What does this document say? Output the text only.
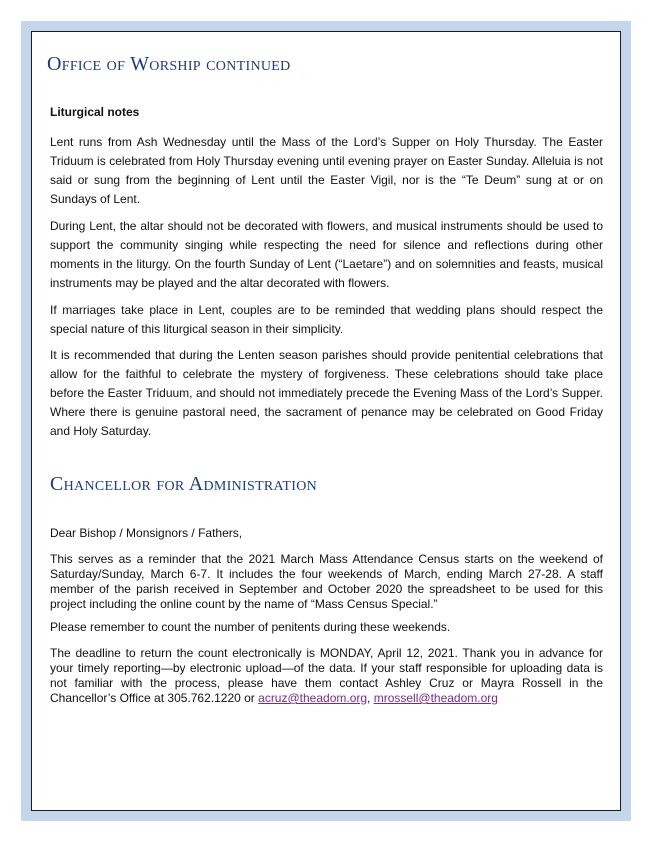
Office of Worship continued

Liturgical notes

Lent runs from Ash Wednesday until the Mass of the Lord’s Supper on Holy Thursday. The Easter Triduum is celebrated from Holy Thursday evening until evening prayer on Easter Sunday. Alleluia is not said or sung from the beginning of Lent until the Easter Vigil, nor is the “Te Deum” sung at or on Sundays of Lent.

During Lent, the altar should not be decorated with flowers, and musical instruments should be used to support the community singing while respecting the need for silence and reflections during other moments in the liturgy. On the fourth Sunday of Lent (“Laetare”) and on solemnities and feasts, musical instruments may be played and the altar decorated with flowers.

If marriages take place in Lent, couples are to be reminded that wedding plans should respect the special nature of this liturgical season in their simplicity.

It is recommended that during the Lenten season parishes should provide penitential celebrations that allow for the faithful to celebrate the mystery of forgiveness. These celebrations should take place before the Easter Triduum, and should not immediately precede the Evening Mass of the Lord’s Supper. Where there is genuine pastoral need, the sacrament of penance may be celebrated on Good Friday and Holy Saturday.

Chancellor for Administration

Dear Bishop / Monsignors / Fathers,

This serves as a reminder that the 2021 March Mass Attendance Census starts on the weekend of Saturday/Sunday, March 6-7. It includes the four weekends of March, ending March 27-28. A staff member of the parish received in September and October 2020 the spreadsheet to be used for this project including the online count by the name of “Mass Census Special.”

Please remember to count the number of penitents during these weekends.

The deadline to return the count electronically is MONDAY, April 12, 2021. Thank you in advance for your timely reporting—by electronic upload—of the data. If your staff responsible for uploading data is not familiar with the process, please have them contact Ashley Cruz or Mayra Rossell in the Chancellor’s Office at 305.762.1220 or acruz@theadom.org, mrossell@theadom.org
